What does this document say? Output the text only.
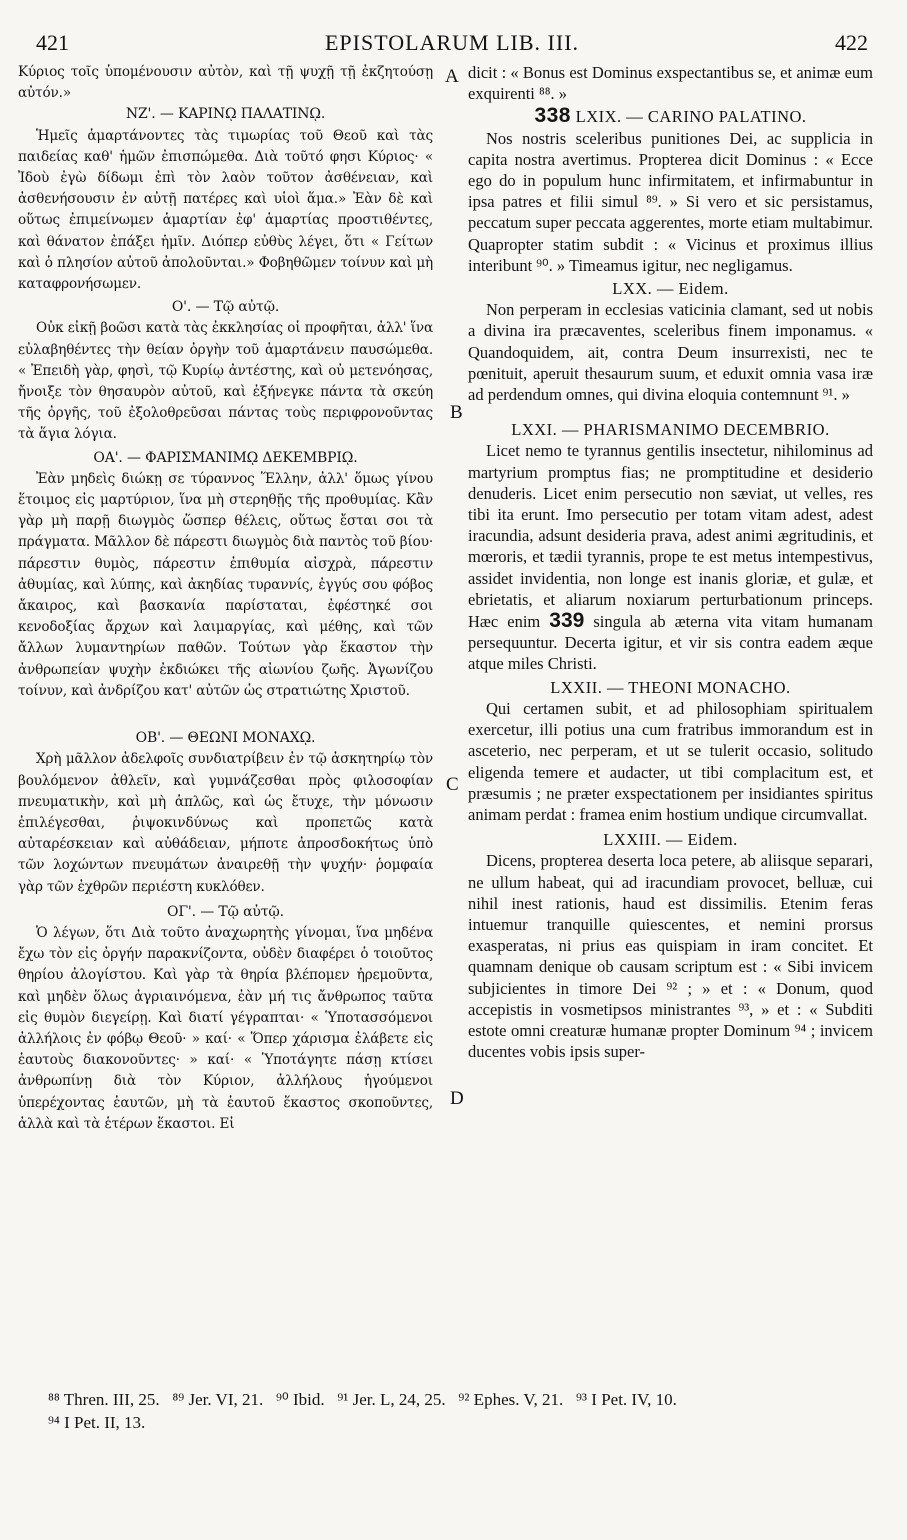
421	EPISTOLARUM LIB. III.	422

Κύριος τοῖς ὑπομένουσιν αὐτὸν, καὶ τῇ ψυχῇ τῇ ἐκζητούσῃ αὐτόν.»

ΝΖ'. — ΚΑΡΙΝῼ ΠΑΛΑΤΙΝῼ.

Ἡμεῖς ἁμαρτάνοντες τὰς τιμωρίας τοῦ Θεοῦ καὶ τὰς παιδείας καθ' ἡμῶν ἐπισπώμεθα. Διὰ τοῦτό φησι Κύριος· « Ἰδοὺ ἐγὼ δίδωμι ἐπὶ τὸν λαὸν τοῦτον ἀσθένειαν, καὶ ἀσθενήσουσιν ἐν αὐτῇ πατέρες καὶ υἱοὶ ἅμα.» Ἐὰν δὲ καὶ οὕτως ἐπιμείνωμεν ἁμαρτίαν ἐφ' ἁμαρτίας προστιθέντες, καὶ θάνατον ἐπάξει ἡμῖν. Διόπερ εὐθὺς λέγει, ὅτι « Γείτων καὶ ὁ πλησίον αὐτοῦ ἀπολοῦνται.» Φοβηθῶμεν τοίνυν καὶ μὴ καταφρονήσωμεν.

Ο'. — Τῷ αὐτῷ.

Οὐκ εἰκῇ βοῶσι κατὰ τὰς ἐκκλησίας οἱ προφῆται, ἀλλ' ἵνα εὐλαβηθέντες τὴν θείαν ὀργὴν τοῦ ἁμαρτάνειν παυσώμεθα. « Ἐπειδὴ γὰρ, φησὶ, τῷ Κυρίῳ ἀντέστης, καὶ οὐ μετενόησας, ἤνοιξε τὸν θησαυρὸν αὐτοῦ, καὶ ἐξήνεγκε πάντα τὰ σκεύη τῆς ὀργῆς, τοῦ ἐξολοθρεῦσαι πάντας τοὺς περιφρονοῦντας τὰ ἅγια λόγια.

ΟΑ'. — ΦΑΡΙΣΜΑΝΙΜῼ ΔΕΚΕΜΒΡΙῼ.

Ἐὰν μηδεὶς διώκῃ σε τύραννος Ἕλλην, ἀλλ' ὅμως γίνου ἕτοιμος εἰς μαρτύριον, ἵνα μὴ στερηθῇς τῆς προθυμίας. Κἂν γὰρ μὴ παρῇ διωγμὸς ὥσπερ θέλεις, οὕτως ἔσται σοι τὰ πράγματα. Μᾶλλον δὲ πάρεστι διωγμὸς διὰ παντὸς τοῦ βίου· πάρεστιν θυμὸς, πάρεστιν ἐπιθυμία αἰσχρὰ, πάρεστιν ἀθυμίας, καὶ λύπης, καὶ ἀκηδίας τυραννίς, ἐγγύς σου φόβος ἄκαιρος, καὶ βασκανία παρίσταται, ἐφέστηκέ σοι κενοδοξίας ἄρχων καὶ λαιμαργίας, καὶ μέθης, καὶ τῶν ἄλλων λυμαντηρίων παθῶν. Τούτων γὰρ ἕκαστον τὴν ἀνθρωπείαν ψυχὴν ἐκδιώκει τῆς αἰωνίου ζωῆς. Ἀγωνίζου τοίνυν, καὶ ἀνδρίζου κατ' αὐτῶν ὡς στρατιώτης Χριστοῦ.

ΟΒ'. — ΘΕΩΝΙ ΜΟΝΑΧῼ.

Χρὴ μᾶλλον ἀδελφοῖς συνδιατρίβειν ἐν τῷ ἀσκητηρίῳ τὸν βουλόμενον ἀθλεῖν, καὶ γυμνάζεσθαι πρὸς φιλοσοφίαν πνευματικὴν, καὶ μὴ ἁπλῶς, καὶ ὡς ἔτυχε, τὴν μόνωσιν ἐπιλέγεσθαι, ῥιψοκινδύνως καὶ προπετῶς κατὰ αὐταρέσκειαν καὶ αὐθάδειαν, μήποτε ἀπροσδοκήτως ὑπὸ τῶν λοχώντων πνευμάτων ἀναιρεθῇ τὴν ψυχήν· ῥομφαία γὰρ τῶν ἐχθρῶν περιέστη κυκλόθεν.

ΟΓ'. — Τῷ αὐτῷ.

Ὁ λέγων, ὅτι Διὰ τοῦτο ἀναχωρητὴς γίνομαι, ἵνα μηδένα ἔχω τὸν εἰς ὀργήν παρακνίζοντα, οὐδὲν διαφέρει ὁ τοιοῦτος θηρίου ἀλογίστου. Καὶ γὰρ τὰ θηρία βλέπομεν ἠρεμοῦντα, καὶ μηδὲν ὅλως ἀγριαινόμενα, ἐὰν μή τις ἄνθρωπος ταῦτα εἰς θυμὸν διεγείρῃ. Καὶ διατί γέγραπται· « Ὑποτασσόμενοι ἀλλήλοις ἐν φόβῳ Θεοῦ· » καί· « Ὅπερ χάρισμα ἐλάβετε εἰς ἑαυτοὺς διακονοῦντες· » καί· « Ὑποτάγητε πάσῃ κτίσει ἀνθρωπίνῃ διὰ τὸν Κύριον, ἀλλήλους ἡγούμενοι ὑπερέχοντας ἑαυτῶν, μὴ τὰ ἑαυτοῦ ἕκαστος σκοποῦντες, ἀλλὰ καὶ τὰ ἑτέρων ἕκαστοι. Εἰ

A
B
C
D

dicit : « Bonus est Dominus exspectantibus se, et animæ eum exquirenti ⁸⁸. »

338 LXIX. — CARINO PALATINO.

Nos nostris sceleribus punitiones Dei, ac supplicia in capita nostra avertimus. Propterea dicit Dominus : « Ecce ego do in populum hunc infirmitatem, et infirmabuntur in ipsa patres et filii simul ⁸⁹. » Si vero et sic persistamus, peccatum super peccata aggerentes, morte etiam multabimur. Quapropter statim subdit : « Vicinus et proximus illius interibunt ⁹⁰. » Timeamus igitur, nec negligamus.

LXX. — Eidem.

Non perperam in ecclesias vaticinia clamant, sed ut nobis a divina ira præcaventes, sceleribus finem imponamus. « Quandoquidem, ait, contra Deum insurrexisti, nec te pœnituit, aperuit thesaurum suum, et eduxit omnia vasa iræ ad perdendum omnes, qui divina eloquia contemnunt ⁹¹. »

LXXI. — PHARISMANIMO DECEMBRIO.

Licet nemo te tyrannus gentilis insectetur, nihilominus ad martyrium promptus fias; ne promptitudine et desiderio denuderis. Licet enim persecutio non sæviat, ut velles, res tibi ita erunt. Imo persecutio per totam vitam adest, adest iracundia, adsunt desideria prava, adest animi ægritudinis, et mœroris, et tædii tyrannis, prope te est metus intempestivus, assidet invidentia, non longe est inanis gloriæ, et gulæ, et ebrietatis, et aliarum noxiarum perturbationum princeps. Hæc enim 339 singula ab æterna vita vitam humanam persequuntur. Decerta igitur, et vir sis contra eadem æque atque miles Christi.

LXXII. — THEONI MONACHO.

Qui certamen subit, et ad philosophiam spiritualem exercetur, illi potius una cum fratribus immorandum est in asceterio, nec perperam, et ut se tulerit occasio, solitudo eligenda temere et audacter, ut tibi complacitum est, et præsumis ; ne præter exspectationem per insidiantes spiritus animam perdat : framea enim hostium undique circumvallat.

LXXIII. — Eidem.

Dicens, propterea deserta loca petere, ab aliisque separari, ne ullum habeat, qui ad iracundiam provocet, belluæ, cui nihil inest rationis, haud est dissimilis. Etenim feras intuemur tranquille quiescentes, et nemini prorsus exasperatas, ni prius eas quispiam in iram concitet. Et quamnam denique ob causam scriptum est : « Sibi invicem subjicientes in timore Dei ⁹² ; » et : « Donum, quod accepistis in vosmetipsos ministrantes ⁹³, » et : « Subditi estote omni creaturæ humanæ propter Dominum ⁹⁴ ; invicem ducentes vobis ipsis super-

⁸⁸ Thren. III, 25.   ⁸⁹ Jer. VI, 21.   ⁹⁰ Ibid.   ⁹¹ Jer. L, 24, 25.   ⁹² Ephes. V, 21.   ⁹³ I Pet. IV, 10.
⁹⁴ I Pet. II, 13.
